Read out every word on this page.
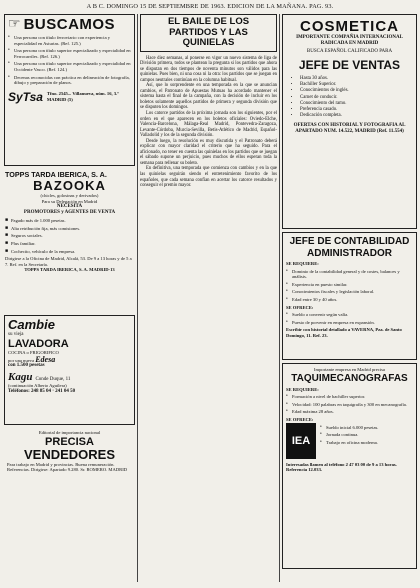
A B C. DOMINGO 15 DE SEPTIEMBRE DE 1963. EDICION DE LA MAÑANA. PAG. 93.
☞ BUSCAMOS
• Una persona con título ferroviario con experiencia y especialidad en Asturias. (Ref. 125.)
• Una persona con título superior especializado y especialidad en Ferrocarriles. (Ref. 126.)
• Una persona con título superior especializado y especialidad en Occidente Vasco. (Ref. 124.)
• Decenas reconocidas con práctica en delineación de fotografía, dibujo y preparación de planos.
SyTsa Tfno. 2545... Villanueva, núm. 16, 3.º MADRID (5)

TOPPS TARDA IBERICA, S. A.

BAZOOKA

(chicles, golosinas y derivados)

Para su Delegación en Madrid

NECESITA

PROMOTORES y AGENTES DE VENTA

■ Pagado más de 1.000 pesetas.
■ Alta retribución fija, más comisiones.
■ Seguros sociales.
■ Plus familiar.
■ Cochecito, vehículo de la empresa.

Dirigirse a la Oficina de Madrid, Alcalá, 53. De 9 a 13 horas y de 5 a 7. Ref. en la Secretaría.

TOPPS TARDA IBERICA, S. A. MADRID-13

Cambie

su vieja

LAVADORA

COCINA o FRIGORIFICO

por una nueva Edesa

con 1.500 pesetas

Kagu Conde Duque, 11

(continuación Alberto Aguilera)

Teléfonos: 248 85 04 · 241 04 50

Editorial de importancia nacional

PRECISA

VENDEDORES

Para trabajo en Madrid y provincias. Buena remuneración. Referencias. Dirigirse: Apartado 9.280. Sr. ROMERO. MADRID

EL BAILE DE LOS PARTIDOS Y LAS QUINIELAS

Hace diez semanas, al ponerse en vigor un nuevo sistema de liga de División primera, todos se plantean la pregunta si los partidos que ahora se disputan en dos tiempos de noventa minutos son válidos para las quinielas. Pues bien, ni una cosa ni la otra: los partidos que se juegan en campos neutrales continúan en la columna habitual.

Así, que lo sorprendente en una temporada en la que se anuncian cambios, el Patronato de Apuestas Mutuas ha acordado mantener el sistema hasta el final de la campaña, con la decisión de incluir en los boletos solamente aquellos partidos de primera y segunda división que se disputen los domingos.

Los catorce partidos de la próxima jornada son los siguientes, por el orden en el que aparecen en los boletos oficiales: Oviedo-Elche, Valencia-Barcelona, Málaga-Real Madrid, Pontevedra-Zaragoza, Levante-Córdoba, Murcia-Sevilla, Betis-Atlético de Madrid, Español-Valladolid y los de la segunda división.

Desde luego, la resolución es muy discutida y el Patronato deberá explicar con mayor claridad el criterio que ha seguido. Para el aficionado, no tener en cuenta las quinielas en los partidos que se juegan el sábado supone un perjuicio, pues muchos de ellos esperan toda la semana para rellenar su boleto.

En definitiva, una temporada que comienza con cambios y en la que las quinielas seguirán siendo el entretenimiento favorito de los españoles, que cada semana confían en acertar los catorce resultados y conseguir el premio mayor.

COSMETICA

IMPORTANTE COMPAÑIA INTERNACIONAL RADICADA EN MADRID

BUSCA ESPAÑOL CALIFICADO PARA

JEFE DE VENTAS

• Hasta 30 años.
• Bachiller Superior.
• Conocimientos de inglés.
• Carnet de conducir.
• Conocimiento del ramo.
• Preferencia casado.
• Dedicación completa.

OFERTAS CON HISTORIAL Y FOTOGRAFIA AL APARTADO NUM. 14.522, MADRID (Ref. 11.554)

JEFE DE CONTABILIDAD ADMINISTRADOR

SE REQUIERE:

• Dominio de la contabilidad general y de costes, balances y análisis.
• Experiencia en puesto similar.
• Conocimientos fiscales y legislación laboral.
• Edad entre 30 y 40 años.

SE OFRECE:

• Sueldo a convenir según valía.
• Puesto de porvenir en empresa en expansión.

Escribir con historial detallado a VAVERNA, Pza. de Santo Domingo, 11. Ref. 23.

Importante empresa en Madrid precisa

TAQUIMECANOGRAFAS

SE REQUIERE:

• Formación a nivel de bachiller superior.
• Velocidad: 100 palabras en taquigrafía y 300 en mecanografía.
• Edad máxima 28 años.

SE OFRECE:

IEA
• Sueldo inicial 6.000 pesetas.
• Jornada continua.
• Trabajo en oficina moderna.

Interesadas llamen al teléfono 2 47 03 00 de 9 a 13 horas. Referencia 12.033.
